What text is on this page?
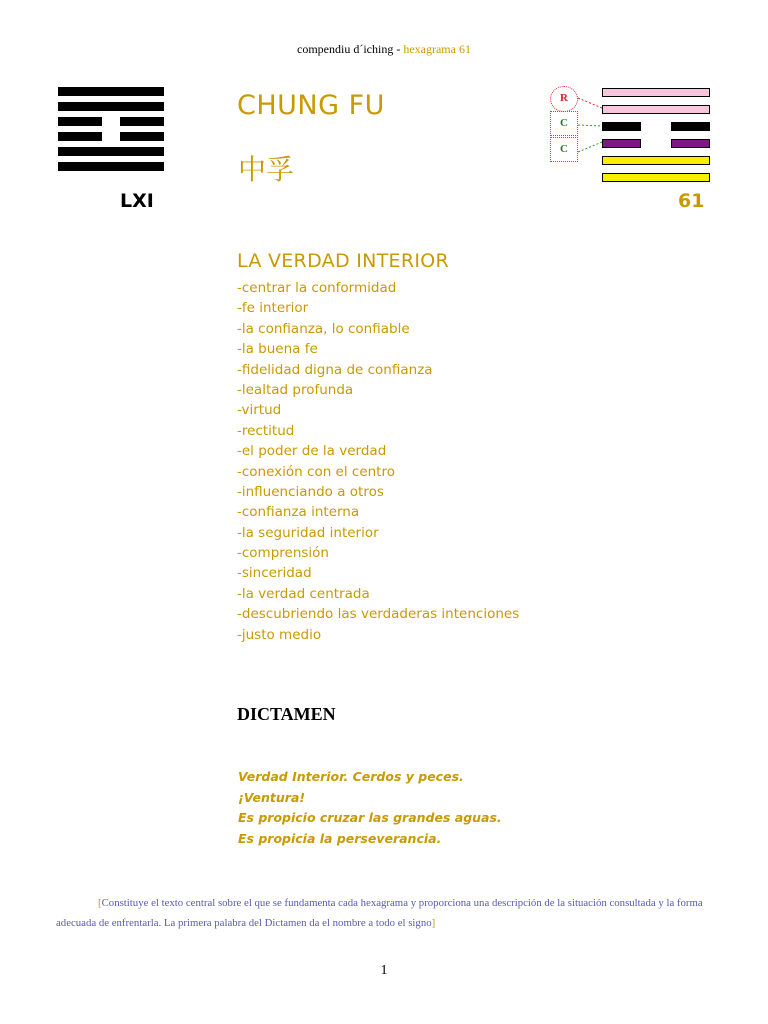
compendiu d´iching - hexagrama 61
LXI
CHUNG FU
中孚
R
C
C
61
LA VERDAD INTERIOR
-centrar la conformidad
-fe interior
-la confianza, lo confiable
-la buena fe
-fidelidad digna de confianza
-lealtad profunda
-virtud
-rectitud
-el poder de la verdad
-conexión con el centro
-influenciando a otros
-confianza interna
-la seguridad interior
-comprensión
-sinceridad
-la verdad centrada
-descubriendo las verdaderas intenciones
-justo medio
DICTAMEN
Verdad Interior. Cerdos y peces.
¡Ventura!
Es propicio cruzar las grandes aguas.
Es propicia la perseverancia.
[Constituye el texto central sobre el que se fundamenta cada hexagrama y proporciona una descripción de la situación consultada y la forma adecuada de enfrentarla. La primera palabra del Dictamen da el nombre a todo el signo]
1
